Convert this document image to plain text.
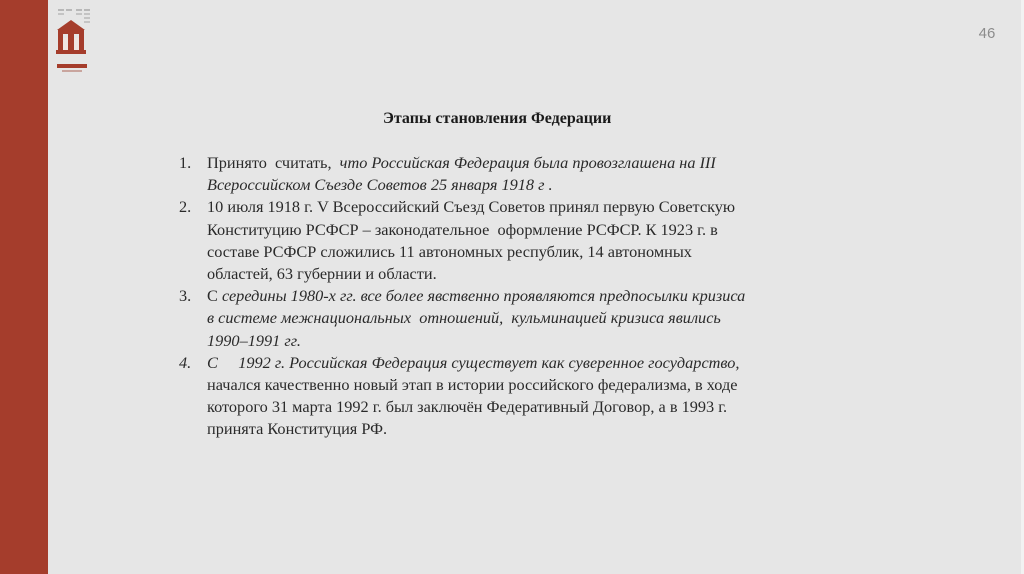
46
Этапы становления Федерации
1. Принято  считать,  что Российская Федерация была провозглашена на III
Всероссийском Съезде Советов 25 января 1918 г .
2. 10 июля 1918 г. V Всероссийский Съезд Советов принял первую Советскую
Конституцию РСФСР – законодательное  оформление РСФСР. К 1923 г. в
составе РСФСР сложились 11 автономных республик, 14 автономных
областей, 63 губернии и области.
3. С середины 1980-х гг. все более явственно проявляются предпосылки кризиса
в системе межнациональных  отношений,  кульминацией кризиса явились
1990–1991 гг.
4. С     1992 г. Российская Федерация существует как суверенное государство,
начался качественно новый этап в истории российского федерализма, в ходе
которого 31 марта 1992 г. был заключён Федеративный Договор, а в 1993 г.
принята Конституция РФ.
